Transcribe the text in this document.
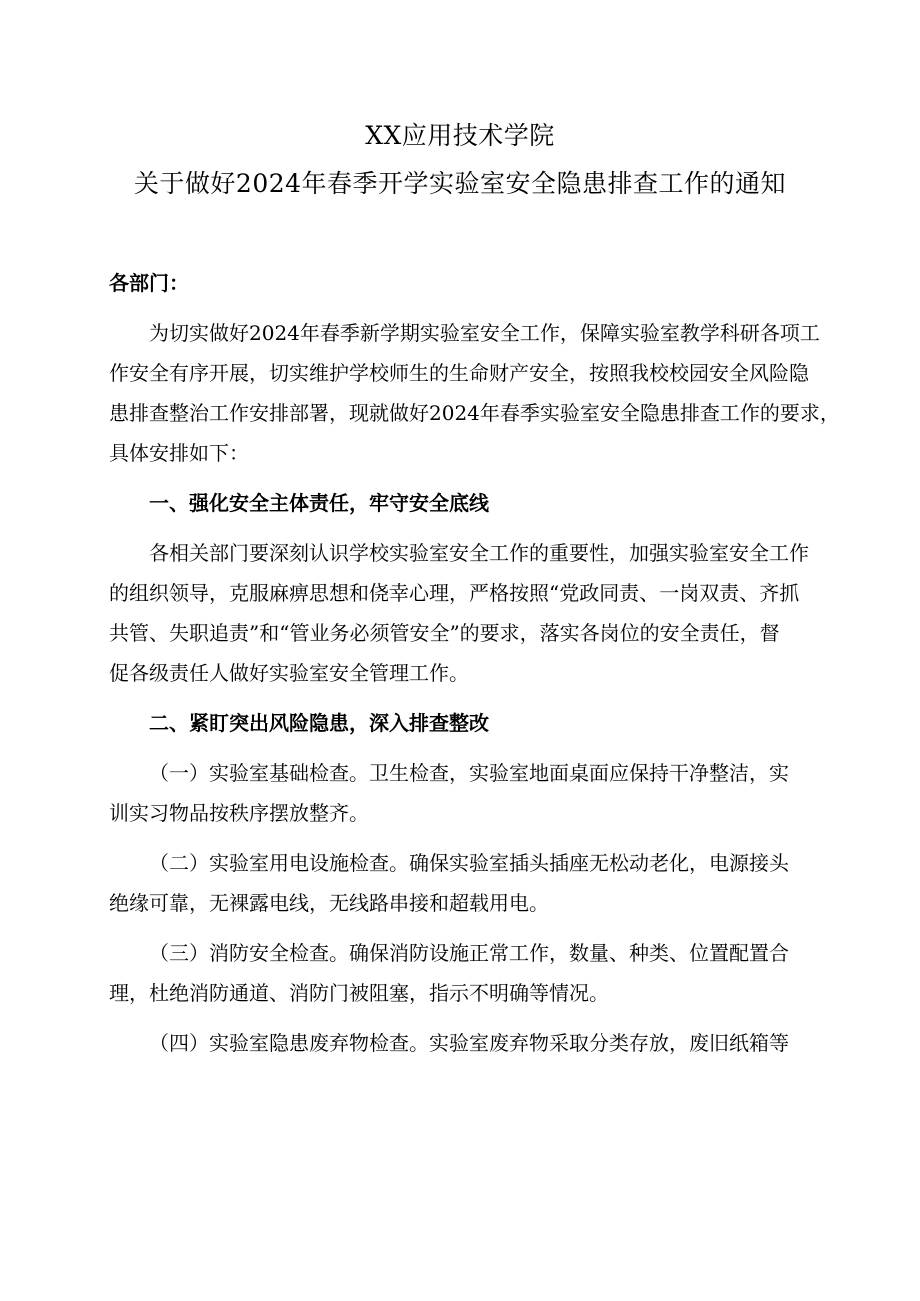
XX应用技术学院
关于做好2024年春季开学实验室安全隐患排查工作的通知
各部门：
为切实做好2024年春季新学期实验室安全工作，保障实验室教学科研各项工
作安全有序开展，切实维护学校师生的生命财产安全，按照我校校园安全风险隐
患排查整治工作安排部署，现就做好2024年春季实验室安全隐患排查工作的要求，
具体安排如下：
一、强化安全主体责任，牢守安全底线
各相关部门要深刻认识学校实验室安全工作的重要性，加强实验室安全工作
的组织领导，克服麻痹思想和侥幸心理，严格按照“党政同责、一岗双责、齐抓
共管、失职追责”和“管业务必须管安全”的要求，落实各岗位的安全责任，督
促各级责任人做好实验室安全管理工作。
二、紧盯突出风险隐患，深入排查整改
（一）实验室基础检查。卫生检查，实验室地面桌面应保持干净整洁，实
训实习物品按秩序摆放整齐。
（二）实验室用电设施检查。确保实验室插头插座无松动老化，电源接头
绝缘可靠，无裸露电线，无线路串接和超载用电。
（三）消防安全检查。确保消防设施正常工作，数量、种类、位置配置合
理，杜绝消防通道、消防门被阻塞，指示不明确等情况。
（四）实验室隐患废弃物检查。实验室废弃物采取分类存放，废旧纸箱等
